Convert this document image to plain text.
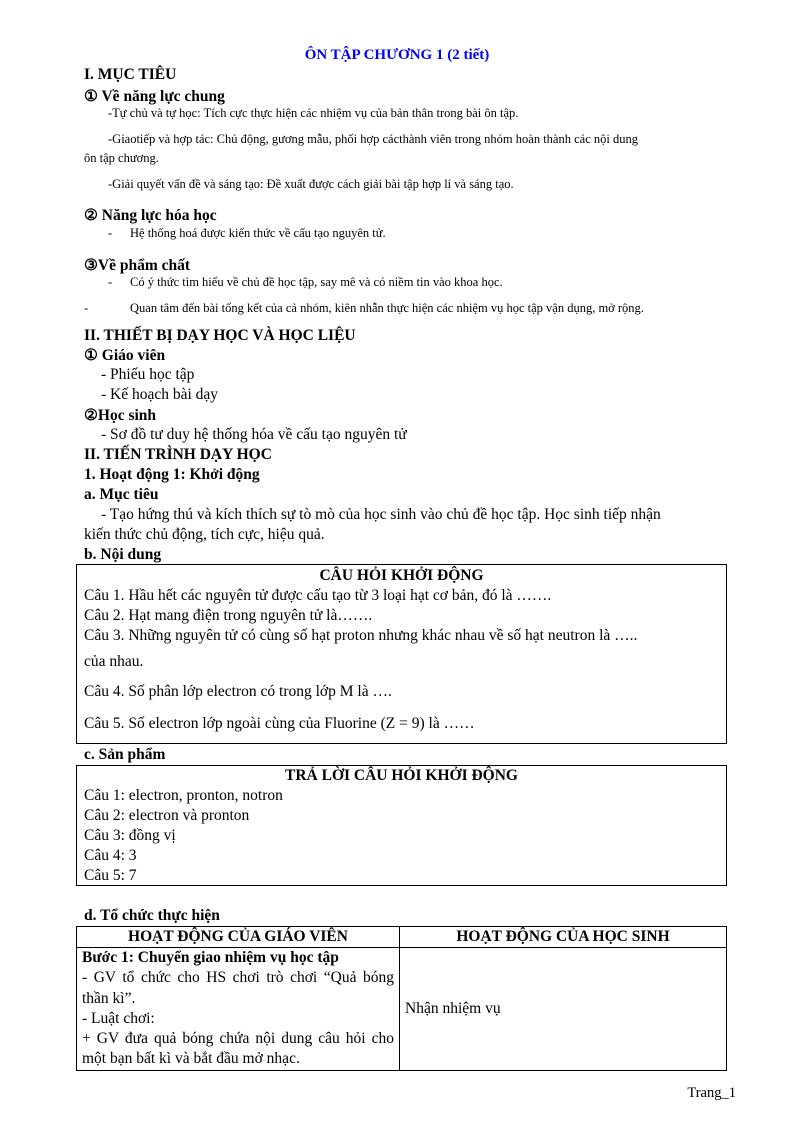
ÔN TẬP CHƯƠNG 1 (2 tiết)
I. MỤC TIÊU
① Về năng lực chung
-Tự chủ và tự học: Tích cực thực hiện các nhiệm vụ của bản thân trong bài ôn tập.
-Giaotiếp và hợp tác: Chủ động, gương mẫu, phối hợp cácthành viên trong nhóm hoàn thành các nội dung
ôn tập chương.
-Giải quyết vấn đề và sáng tạo: Đề xuất được cách giải bài tập hợp lí và sáng tạo.
② Năng lực hóa học
- Hệ thống hoá được kiến thức về cấu tạo nguyên tử.
③Về phẩm chất
- Có ý thức tìm hiểu về chủ đề học tập, say mê và có niềm tin vào khoa học.
-	Quan tâm đến bài tổng kết của cả nhóm, kiên nhẫn thực hiện các nhiệm vụ học tập vận dụng, mở rộng.
II. THIẾT BỊ DẠY HỌC VÀ HỌC LIỆU
① Giáo viên
- Phiếu học tập
- Kế hoạch bài dạy
②Học sinh
- Sơ đồ tư duy hệ thống hóa về cấu tạo nguyên tử
II. TIẾN TRÌNH DẠY HỌC
1. Hoạt động 1: Khởi động
a. Mục tiêu
- Tạo hứng thú và kích thích sự tò mò của học sinh vào chủ đề học tập. Học sinh tiếp nhận
kiến thức chủ động, tích cực, hiệu quả.
b. Nội dung
CÂU HỎI KHỞI ĐỘNG
Câu 1. Hầu hết các nguyên tử được cấu tạo từ 3 loại hạt cơ bản, đó là …….
Câu 2. Hạt mang điện trong nguyên tử là…….
Câu 3. Những nguyên tử có cùng số hạt proton nhưng khác nhau về số hạt neutron là …..
của nhau.
Câu 4. Số phân lớp electron có trong lớp M là ….
Câu 5. Số electron lớp ngoài cùng của Fluorine (Z = 9) là ……
c. Sản phẩm
TRẢ LỜI CÂU HỎI KHỞI ĐỘNG
Câu 1: electron, pronton, notron
Câu 2: electron và pronton
Câu 3: đồng vị
Câu 4: 3
Câu 5: 7
d. Tổ chức thực hiện
HOẠT ĐỘNG CỦA GIÁO VIÊN	HOẠT ĐỘNG CỦA HỌC SINH

Bước 1: Chuyển giao nhiệm vụ học tập
- GV tổ chức cho HS chơi trò chơi “Quả bóng thần kì”.
- Luật chơi:
+ GV đưa quả bóng chứa nội dung câu hỏi cho một bạn bất kì và bắt đầu mở nhạc.	Nhận nhiệm vụ
Trang_1
